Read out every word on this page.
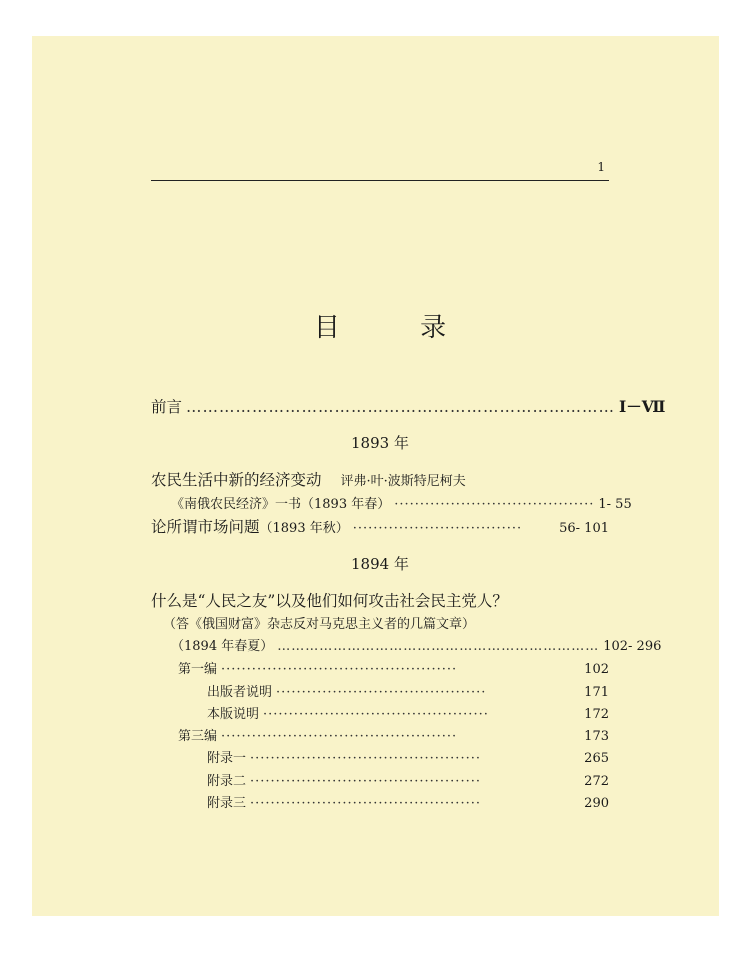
1
目 录
前言 …………………………………………………………………… Ⅰ－Ⅶ
1893 年
农民生活中新的经济变动 评弗·叶·波斯特尼柯夫
《南俄农民经济》一书（1893 年春） ······································· 1- 55
论所谓市场问题 （1893 年秋） ·································	56- 101
1894 年
什么是“人民之友”以及他们如何攻击社会民主党人？
（答《俄国财富》杂志反对马克思主义者的几篇文章）
（1894 年春夏） …………………………………………………………… 102- 296
第一编 ··············································	102
出版者说明 ·········································	171
本版说明 ············································	172
第三编 ··············································	173
附录一 ·············································	265
附录二 ·············································	272
附录三 ·············································	290
